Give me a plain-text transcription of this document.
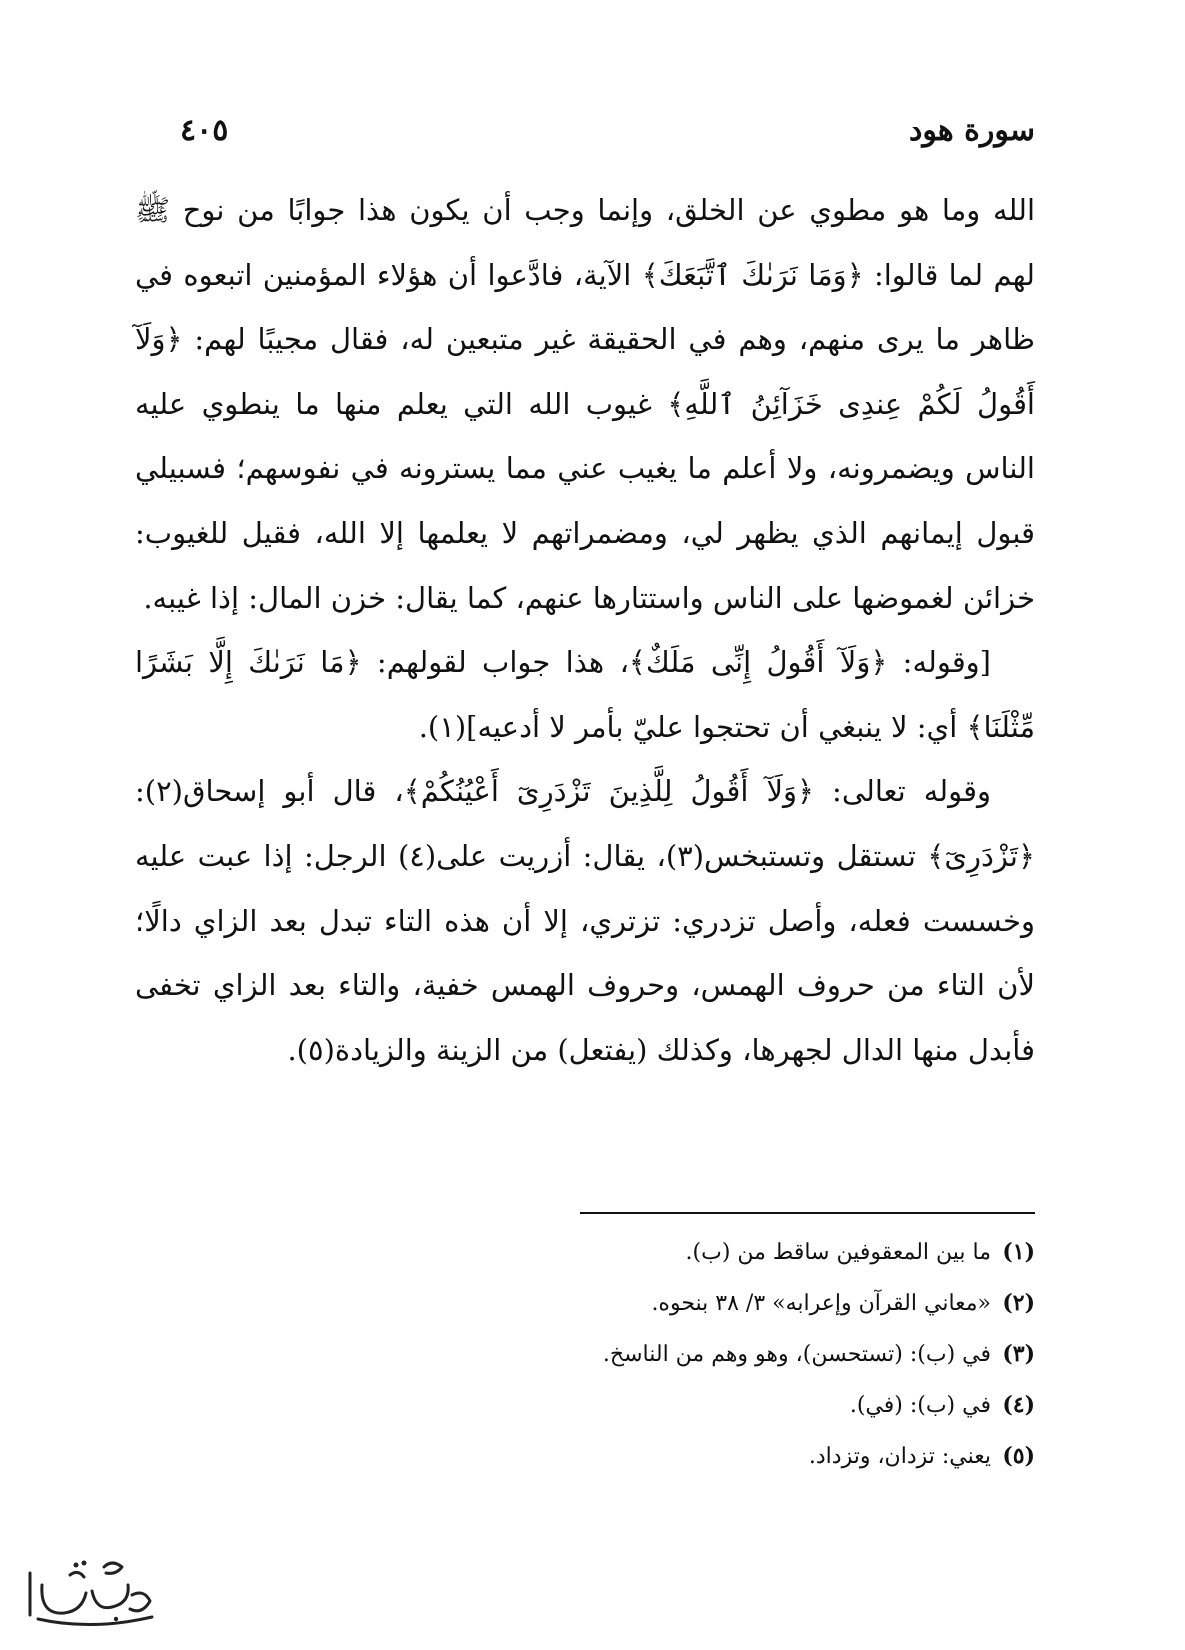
سورة هود
٤٠٥

الله وما هو مطوي عن الخلق، وإنما وجب أن يكون هذا جوابًا من نوح ﷺ لهم لما قالوا: ﴿وَمَا نَرَىٰكَ ٱتَّبَعَكَ﴾ الآية، فادَّعوا أن هؤلاء المؤمنين اتبعوه في ظاهر ما يرى منهم، وهم في الحقيقة غير متبعين له، فقال مجيبًا لهم: ﴿وَلَآ أَقُولُ لَكُمْ عِندِى خَزَآئِنُ ٱللَّهِ﴾ غيوب الله التي يعلم منها ما ينطوي عليه الناس ويضمرونه، ولا أعلم ما يغيب عني مما يسترونه في نفوسهم؛ فسبيلي قبول إيمانهم الذي يظهر لي، ومضمراتهم لا يعلمها إلا الله، فقيل للغيوب: خزائن لغموضها على الناس واستتارها عنهم، كما يقال: خزن المال: إذا غيبه.

[وقوله: ﴿وَلَآ أَقُولُ إِنِّى مَلَكٌ﴾، هذا جواب لقولهم: ﴿مَا نَرَىٰكَ إِلَّا بَشَرًا مِّثْلَنَا﴾ أي: لا ينبغي أن تحتجوا عليّ بأمر لا أدعيه](١).

وقوله تعالى: ﴿وَلَآ أَقُولُ لِلَّذِينَ تَزْدَرِىٓ أَعْيُنُكُمْ﴾، قال أبو إسحاق(٢): ﴿تَزْدَرِىٓ﴾ تستقل وتستبخس(٣)، يقال: أزريت على(٤) الرجل: إذا عبت عليه وخسست فعله، وأصل تزدري: تزتري، إلا أن هذه التاء تبدل بعد الزاي دالًا؛ لأن التاء من حروف الهمس، وحروف الهمس خفية، والتاء بعد الزاي تخفى فأبدل منها الدال لجهرها، وكذلك (يفتعل) من الزينة والزيادة(٥).

(١)ما بين المعقوفين ساقط من (ب).
(٢)«معاني القرآن وإعرابه» ٣/ ٣٨ بنحوه.
(٣)في (ب): (تستحسن)، وهو وهم من الناسخ.
(٤)في (ب): (في).
(٥)يعني: تزدان، وتزداد.
